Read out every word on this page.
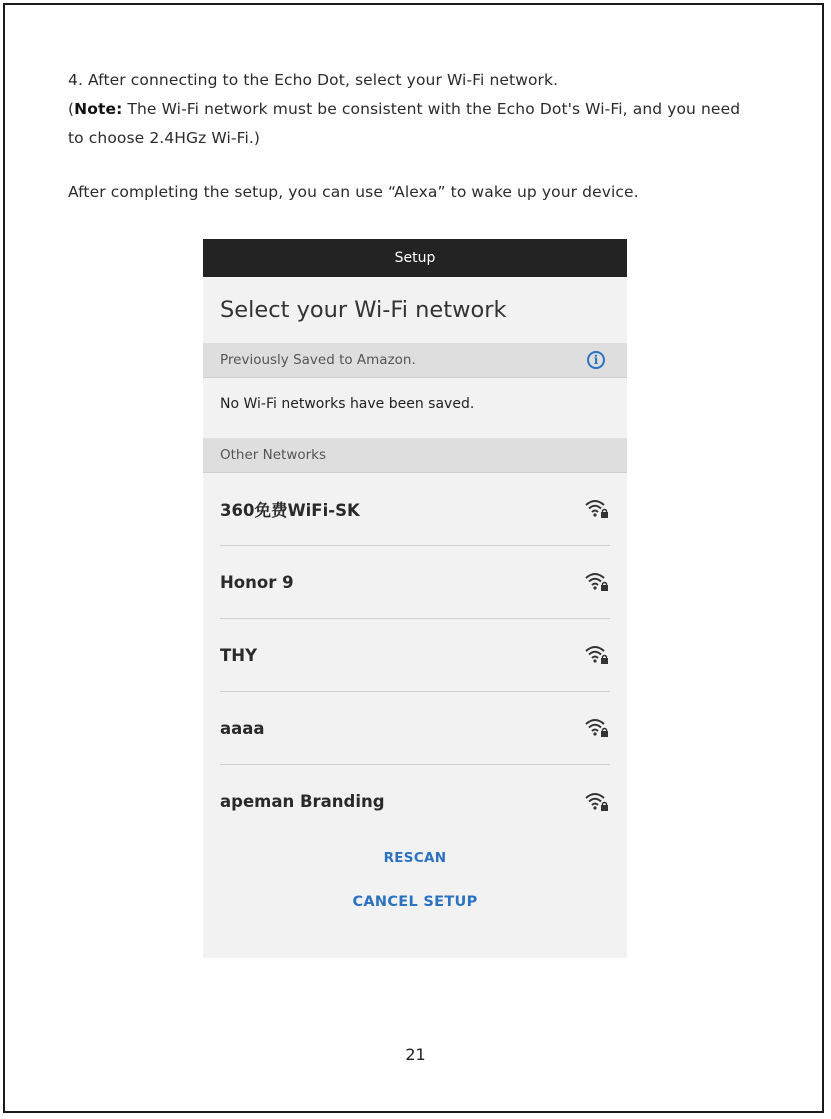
4. After connecting to the Echo Dot, select your Wi-Fi network.

(Note: The Wi-Fi network must be consistent with the Echo Dot's Wi-Fi, and you need

to choose 2.4HGz Wi-Fi.)

After completing the setup, you can use “Alexa” to wake up your device.

Setup
Select your Wi-Fi network
Previously Saved to Amazon.	i
No Wi-Fi networks have been saved.
Other Networks
360免费WiFi-SK
Honor 9
THY
aaaa
apeman Branding
RESCAN
CANCEL SETUP
21
